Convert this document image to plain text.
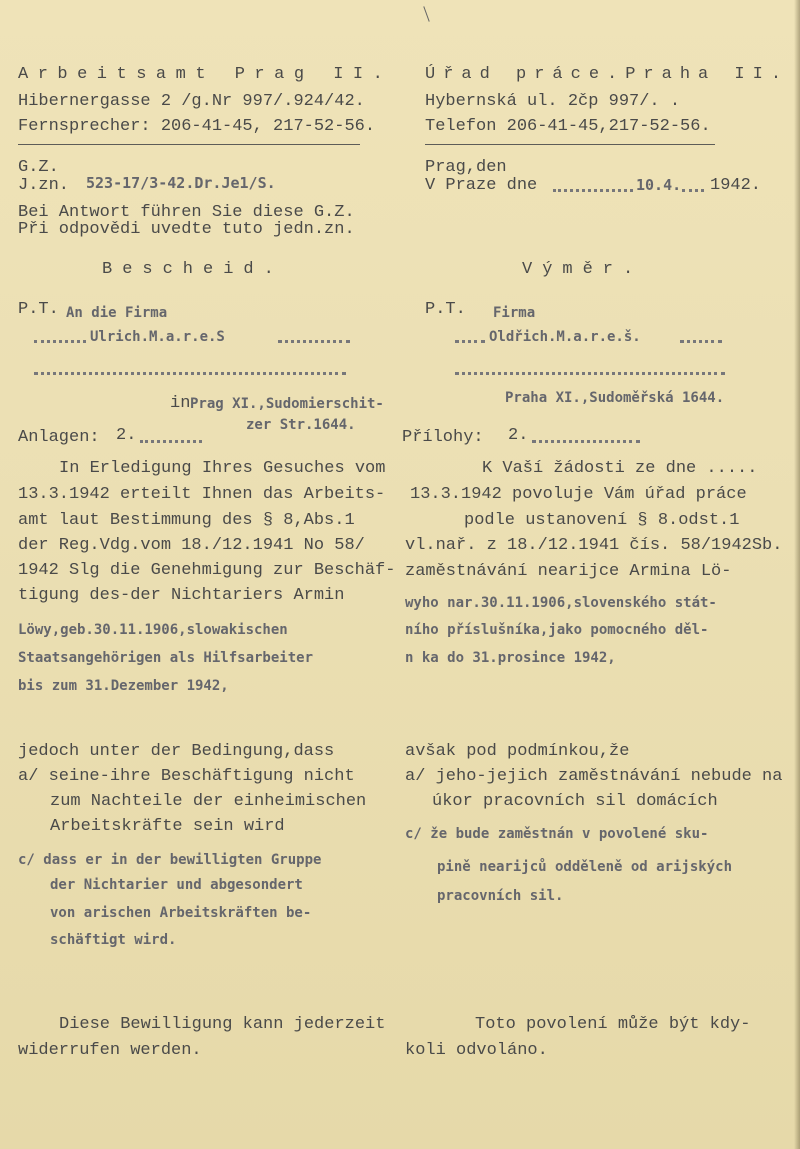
Arbeitsamt Prag II.
Hibernergasse 2 /g.Nr 997/.924/42.
Fernsprecher: 206-41-45, 217-52-56.
Úřad práce.Praha II.
Hybernská ul. 2čp 997/. .
Telefon 206-41-45,217-52-56.
G.Z.
J.zn. 523-17/3-42.Dr.Je1/S.
Bei Antwort führen Sie diese G.Z.
Při odpovědi uvedte tuto jedn.zn.
Prag,den
V Praze dne	10.4. 1942.
Bescheid.	Výměr.
P.T. An die Firma
Ulrich.M.a.r.e.S
P.T. Firma
Oldřich.M.a.r.e.š.
in Prag XI.,Sudomierschit-
zer Str.1644.
Praha XI.,Sudoměřská 1644.
Anlagen: 2.	Přílohy: 2.
In Erledigung Ihres Gesuches vom
13.3.1942 erteilt Ihnen das Arbeits-
amt laut Bestimmung des § 8,Abs.1
der Reg.Vdg.vom 18./12.1941 No 58/
1942 Slg die Genehmigung zur Beschäf-
tigung des-der Nichtariers Armin
Löwy,geb.30.11.1906,slowakischen
Staatsangehörigen als Hilfsarbeiter
bis zum 31.Dezember 1942,
K Vaší žádosti ze dne .....
13.3.1942 povoluje Vám úřad práce
podle ustanovení § 8.odst.1
vl.nař. z 18./12.1941 čís. 58/1942Sb.
zaměstnávání nearijce Armina Lö-
wyho nar.30.11.1906,slovenského stát-
ního příslušníka,jako pomocného děl-
n ka do 31.prosince 1942,
jedoch unter der Bedingung,dass
a/ seine-ihre Beschäftigung nicht
zum Nachteile der einheimischen
Arbeitskräfte sein wird
c/ dass er in der bewilligten Gruppe
der Nichtarier und abgesondert
von arischen Arbeitskräften be-
schäftigt wird.
avšak pod podmínkou,že
a/ jeho-jejich zaměstnávání nebude na
úkor pracovních sil domácích
c/ že bude zaměstnán v povolené sku-
pině nearijců odděleně od arijských
pracovních sil.
Diese Bewilligung kann jederzeit
widerrufen werden.
Toto povolení může být kdy-
koli odvoláno.
